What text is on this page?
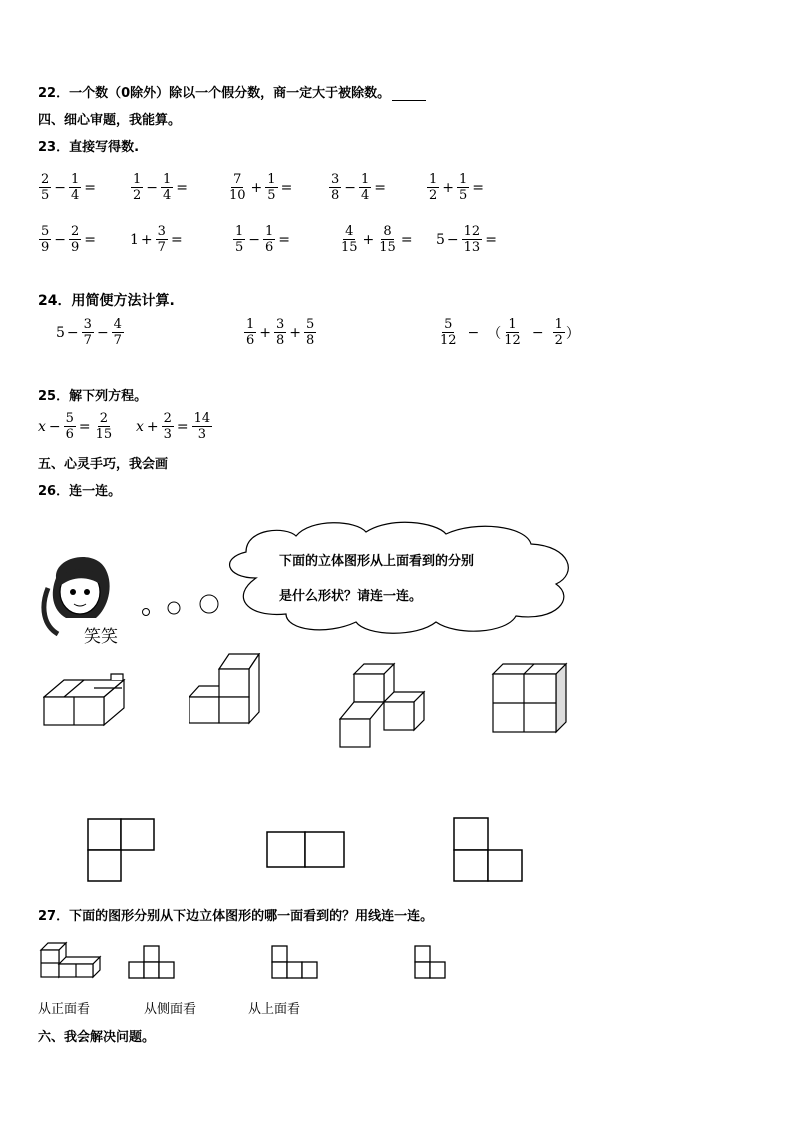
22．一个数（0除外）除以一个假分数，商一定大于被除数。
四、细心审题，我能算。
23．直接写得数.
$\frac{2}{5} - \frac{1}{4}$ =	$\frac{1}{2} - \frac{1}{4}$ =	$\frac{7}{10} + \frac{1}{5}$ =	$\frac{3}{8} - \frac{1}{4}$ =	$\frac{1}{2} + \frac{1}{5}$ =
$\frac{5}{9} - \frac{2}{9} = 1 + \frac{3}{7}$ =	$\frac{1}{5} - \frac{1}{6}$ =	$\frac{4}{15} + \frac{8}{15} = 5 - \frac{12}{13}$ =
24．用简便方法计算.
$5 - \frac{3}{7} - \frac{4}{7}$	$\frac{1}{6} + \frac{3}{8} + \frac{5}{8}$	$\frac{5}{12}$ − （ $\frac{1}{12} - \frac{1}{2}$ ）
25．解下列方程。
$x - \frac{5}{6} = \frac{2}{15}$ $x + \frac{2}{3} = \frac{14}{3}$
五、心灵手巧，我会画
26．连一连。
笑笑
下面的立体图形从上面看到的分别
是什么形状？请连一连。
27．下面的图形分别从下边立体图形的哪一面看到的？用线连一连。
从正面看	从侧面看	从上面看
六、我会解决问题。
